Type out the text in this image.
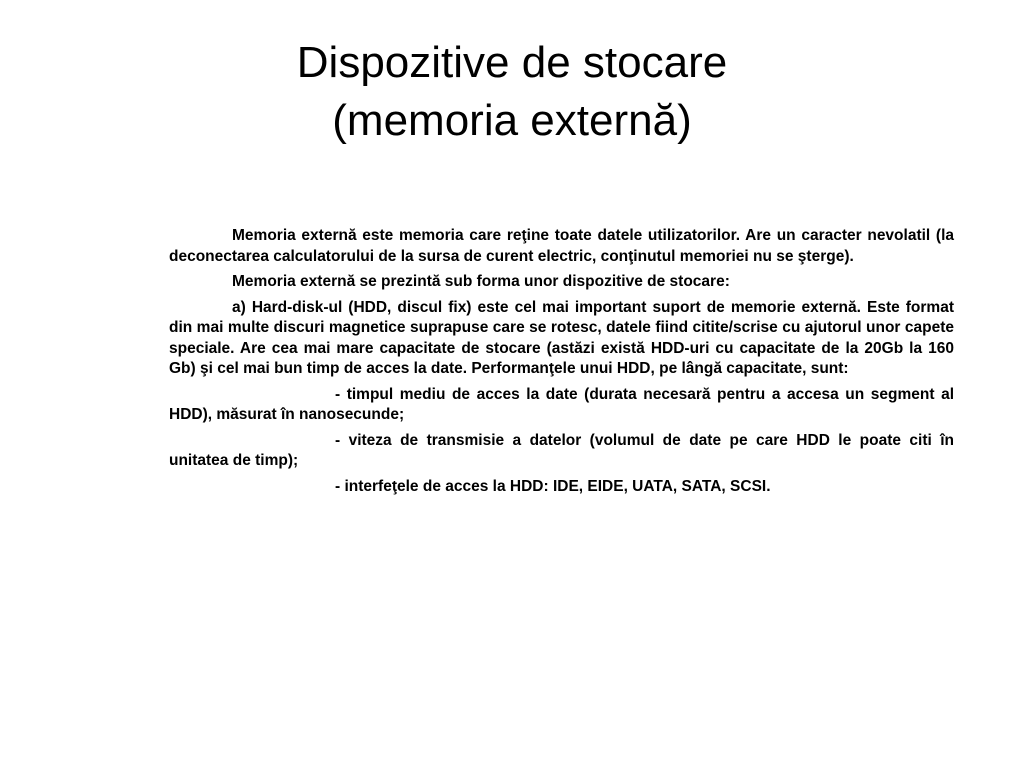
Dispozitive de stocare
(memoria externă)

Memoria externă este memoria care reţine toate datele utilizatorilor. Are un caracter nevolatil (la deconectarea calculatorului de la sursa de curent electric, conţinutul memoriei nu se şterge).

Memoria externă se prezintă sub forma unor dispozitive de stocare:

a) Hard-disk-ul (HDD, discul fix) este cel mai important suport de memorie externă. Este format din mai multe discuri magnetice suprapuse care se rotesc, datele fiind citite/scrise cu ajutorul unor capete speciale. Are cea mai mare capacitate de stocare (astăzi există HDD-uri cu capacitate de la 20Gb la 160 Gb) şi cel mai bun timp de acces la date. Performanţele unui HDD, pe lângă capacitate, sunt:

- timpul mediu de acces la date (durata necesară pentru a accesa un segment al HDD), măsurat în nanosecunde;

- viteza de transmisie a datelor (volumul de date pe care HDD le poate citi în unitatea de timp);

- interfeţele de acces la HDD: IDE, EIDE, UATA, SATA, SCSI.
